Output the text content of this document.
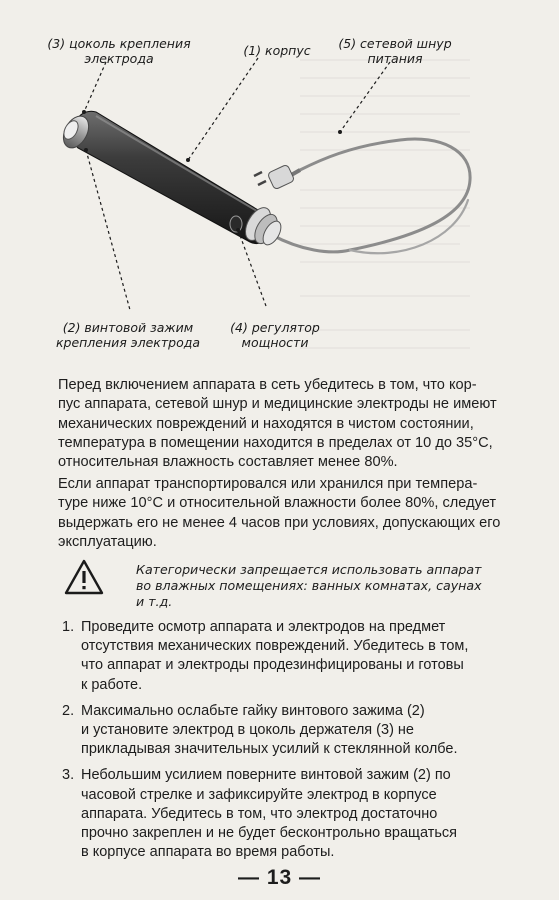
(3) цоколь крепления
электрода
(1) корпус	(5) сетевой шнур
питания
(2) винтовой зажим
крепления электрода
(4) регулятор
мощности
Перед включением аппарата в сеть убедитесь в том, что кор-
пус аппарата, сетевой шнур и медицинские электроды не имеют
механических повреждений и находятся в чистом состоянии,
температура в помещении находится в пределах от 10 до 35°С,
относительная влажность составляет менее 80%.
Если аппарат транспортировался или хранился при темпера-
туре ниже 10°С и относительной влажности более 80%, следует
выдержать его не менее 4 часов при условиях, допускающих его
эксплуатацию.
Категорически запрещается использовать аппарат
во влажных помещениях: ванных комнатах, саунах
и т.д.
1. Проведите осмотр аппарата и электродов на предмет
отсутствия механических повреждений. Убедитесь в том,
что аппарат и электроды продезинфицированы и готовы
к работе.
2. Максимально ослабьте гайку винтового зажима (2)
и установите электрод в цоколь держателя (3) не
прикладывая значительных усилий к стеклянной колбе.
3. Небольшим усилием поверните винтовой зажим (2) по
часовой стрелке и зафиксируйте электрод в корпусе
аппарата. Убедитесь в том, что электрод достаточно
прочно закреплен и не будет бесконтрольно вращаться
в корпусе аппарата во время работы.
— 13 —
